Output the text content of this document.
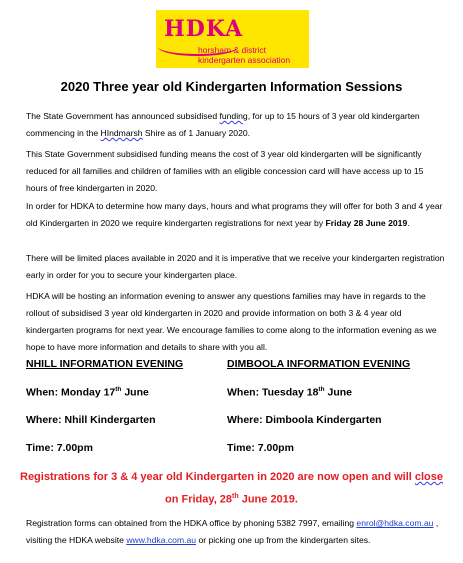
HDKA
horsham & district
kindergarten association
2020 Three year old Kindergarten Information Sessions

The State Government has announced subsidised funding, for up to 15 hours of 3 year old kindergarten commencing in the HIndmarsh Shire as of 1 January 2020.

This State Government subsidised funding means the cost of 3 year old kindergarten will be significantly reduced for all families and children of families with an eligible concession card will have access up to 15 hours of free kindergarten in 2020.

In order for HDKA to determine how many days, hours and what programs they will offer for both 3 and 4 year old Kindergarten in 2020 we require kindergarten registrations for next year by Friday 28 June 2019.

There will be limited places available in 2020 and it is imperative that we receive your kindergarten registration early in order for you to secure your kindergarten place.

HDKA will be hosting an information evening to answer any questions families may have in regards to the rollout of subsidised 3 year old kindergarten in 2020 and provide information on both 3 & 4 year old kindergarten programs for next year. We encourage families to come along to the information evening as we hope to have more information and details to share with you all.

NHILL INFORMATION EVENING
When: Monday 17th June
Where: Nhill Kindergarten
Time: 7.00pm
DIMBOOLA INFORMATION EVENING
When: Tuesday 18th June
Where: Dimboola Kindergarten
Time: 7.00pm

Registrations for 3 & 4 year old Kindergarten in 2020 are now open and will close on Friday, 28th June 2019.

Registration forms can obtained from the HDKA office by phoning 5382 7997, emailing enrol@hdka.com.au , visiting the HDKA website www.hdka.com.au or picking one up from the kindergarten sites.
